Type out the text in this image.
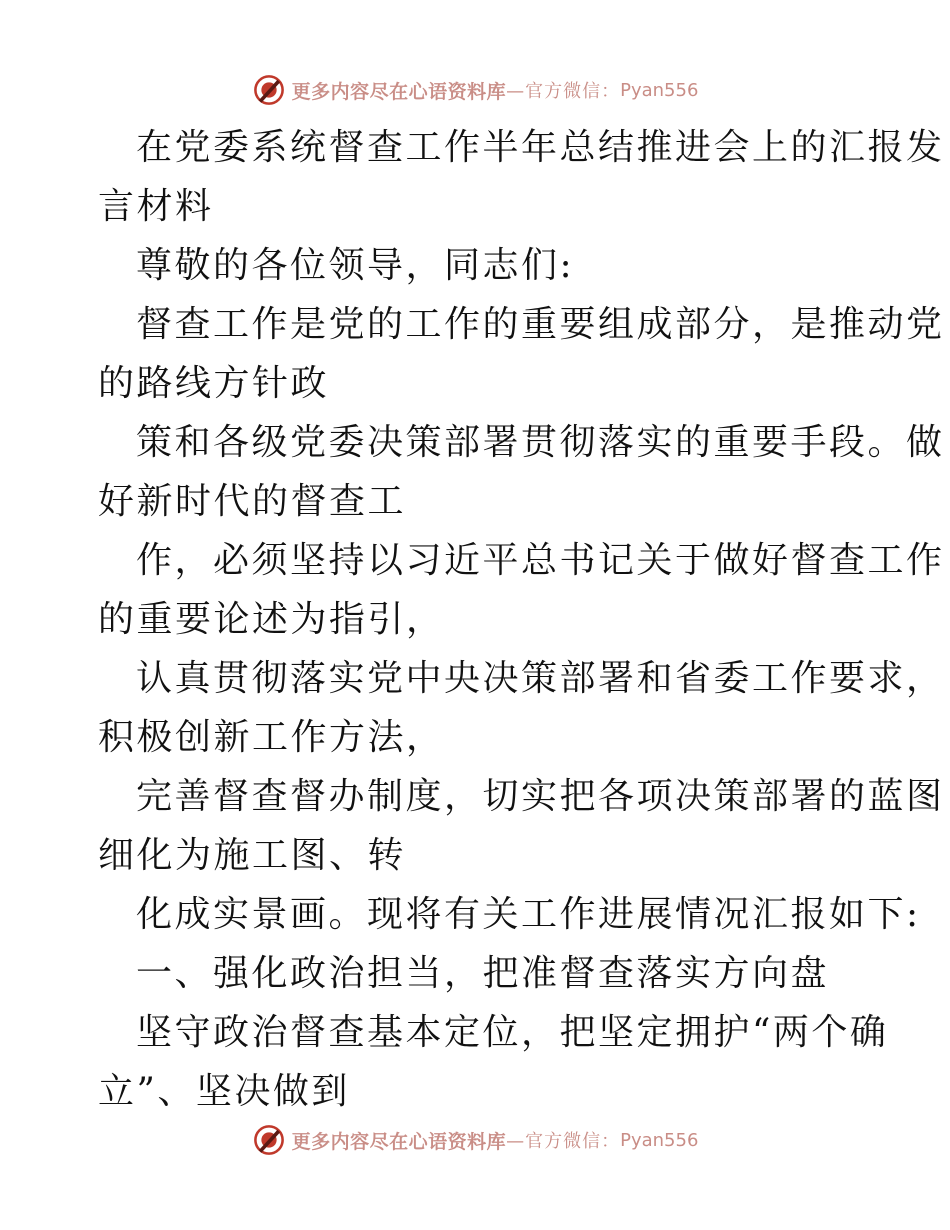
更多内容尽在心语资料库 —官方微信： Pyan556

在党委系统督查工作半年总结推进会上的汇报发

言材料

尊敬的各位领导，同志们:

督查工作是党的工作的重要组成部分，是推动党

的路线方针政

策和各级党委决策部署贯彻落实的重要手段。做

好新时代的督查工

作，必须坚持以习近平总书记关于做好督查工作

的重要论述为指引，

认真贯彻落实党中央决策部署和省委工作要求，

积极创新工作方法，

完善督查督办制度，切实把各项决策部署的蓝图

细化为施工图、转

化成实景画。现将有关工作进展情况汇报如下:

一、强化政治担当，把准督查落实方向盘

坚守政治督查基本定位，把坚定拥护“两个确

立”、坚决做到

更多内容尽在心语资料库 —官方微信： Pyan556
